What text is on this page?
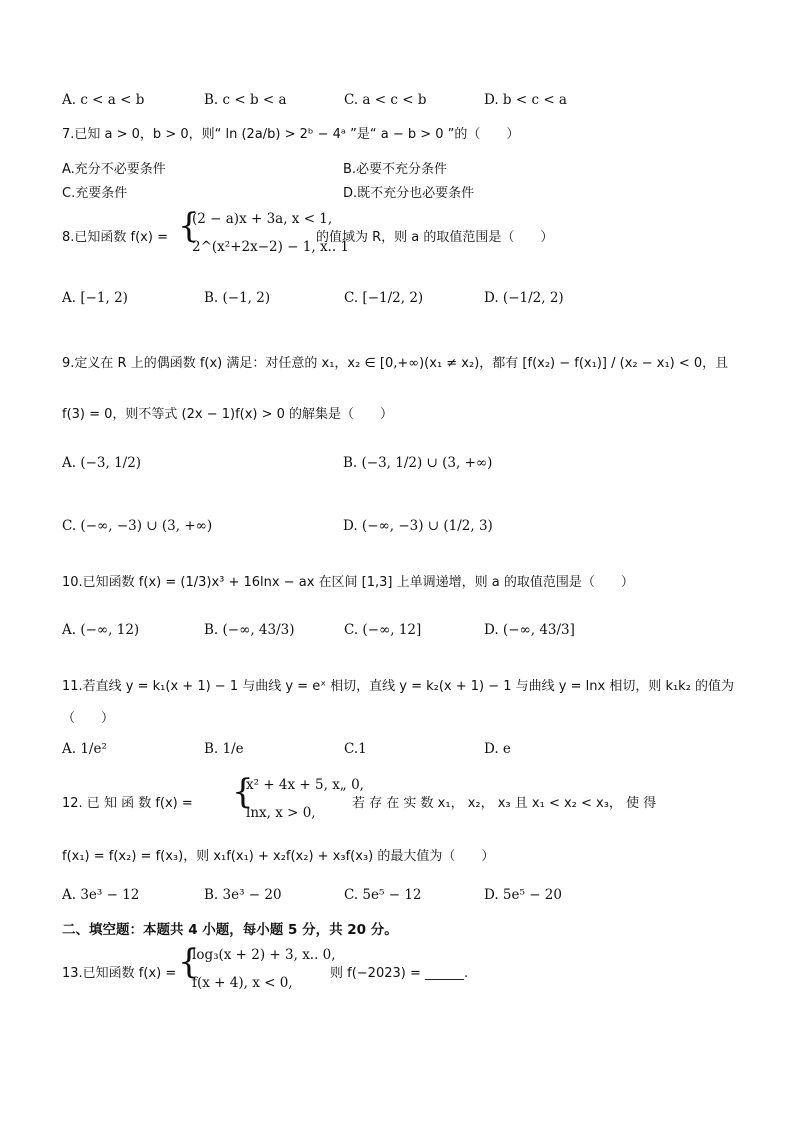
A. c < a < b	B. c < b < a	C. a < c < b	D. b < c < a
7.已知 a > 0，b > 0，则“ ln (2a/b) > 2ᵇ − 4ᵃ ”是“ a − b > 0 ”的（　　）
A.充分不必要条件	B.必要不充分条件
C.充要条件	D.既不充分也必要条件
8.已知函数 f(x) = {
(2 − a)x + 3a, x < 1,
2^(x²+2x−2) − 1, x.. 1
的值域为 R，则 a 的取值范围是（　　）
A. [−1, 2)	B. (−1, 2)	C. [−1/2, 2)	D. (−1/2, 2)
9.定义在 R 上的偶函数 f(x) 满足：对任意的 x₁，x₂ ∈ [0,+∞)(x₁ ≠ x₂)，都有 [f(x₂) − f(x₁)] / (x₂ − x₁) < 0，且
f(3) = 0，则不等式 (2x − 1)f(x) > 0 的解集是（　　）
A. (−3, 1/2)	B. (−3, 1/2) ∪ (3, +∞)
C. (−∞, −3) ∪ (3, +∞)	D. (−∞, −3) ∪ (1/2, 3)
10.已知函数 f(x) = (1/3)x³ + 16lnx − ax 在区间 [1,3] 上单调递增，则 a 的取值范围是（　　）
A. (−∞, 12)	B. (−∞, 43/3)	C. (−∞, 12]	D. (−∞, 43/3]
11.若直线 y = k₁(x + 1) − 1 与曲线 y = eˣ 相切，直线 y = k₂(x + 1) − 1 与曲线 y = lnx 相切，则 k₁k₂ 的值为
（　　）
A. 1/e²	B. 1/e	C.1	D. e
12. 已 知 函 数 f(x) = {
x² + 4x + 5, x„ 0,
lnx, x > 0,
若 存 在 实 数 x₁， x₂， x₃ 且 x₁ < x₂ < x₃， 使 得
f(x₁) = f(x₂) = f(x₃)，则 x₁f(x₁) + x₂f(x₂) + x₃f(x₃) 的最大值为（　　）
A. 3e³ − 12	B. 3e³ − 20	C. 5e⁵ − 12	D. 5e⁵ − 20
二、填空题：本题共 4 小题，每小题 5 分，共 20 分。
13.已知函数 f(x) = {
log₃(x + 2) + 3, x.. 0,
f(x + 4), x < 0,
则 f(−2023) = ______.
